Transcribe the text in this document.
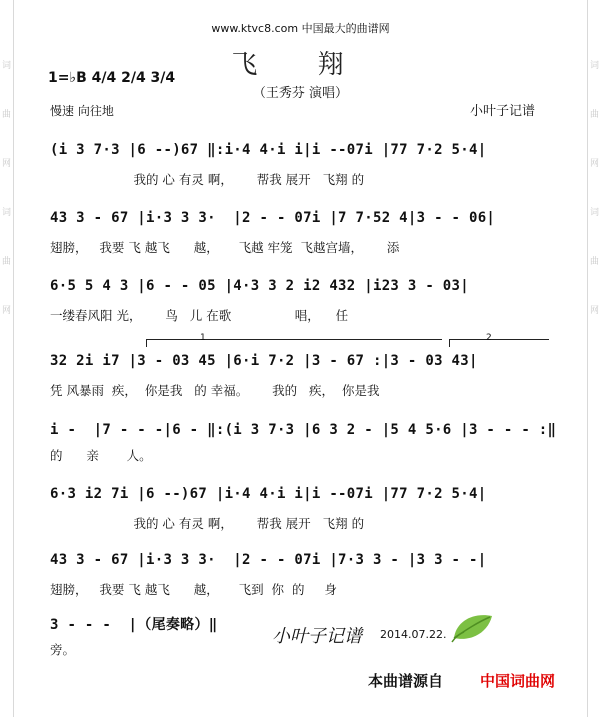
词
曲
网
词
曲
网
词
曲
网
词
曲
网
www.ktvc8.com 中国最大的曲谱网
飞 翔
（王秀芬 演唱）
1=♭B 4/4 2/4 3/4
慢速 向往地	小叶子记谱
1	2
(i 3 7·3 |6 --)67 ‖:i·4 4·i i|i --07i |77 7·2 5·4|
我的 心 有灵 啊，      帮我 展开   飞翔 的
43 3 - 67 |i·3 3 3·  |2 - - 07i |7 7·52 4|3 - - 06|
翅膀，   我要 飞 越飞      越，     飞越 牢笼  飞越宫墙，      添
6·5 5 4 3 |6 - - 05 |4·3 3 2 i2 432 |i23 3 - 03|
一缕春风阳 光，      鸟   儿 在歌                唱，    任
32 2i i7 |3 - 03 45 |6·i 7·2 |3 - 67 :|3 - 03 43|
凭 风暴雨  疾，  你是我   的 幸福。      我的   疾，  你是我
i -  |7 - - -|6 - ‖:(i 3 7·3 |6 3 2 - |5 4 5·6 |3 - - - :‖
的      亲       人。
6·3 i2 7i |6 --)67 |i·4 4·i i|i --07i |77 7·2 5·4|
我的 心 有灵 啊，      帮我 展开   飞翔 的
43 3 - 67 |i·3 3 3·  |2 - - 07i |7·3 3 - |3 3 - -|
翅膀，   我要 飞 越飞      越，     飞到  你  的     身
3 - - -  |（尾奏略）‖
旁。
小叶子记谱 2014.07.22.
本曲谱源自 中国词曲网
